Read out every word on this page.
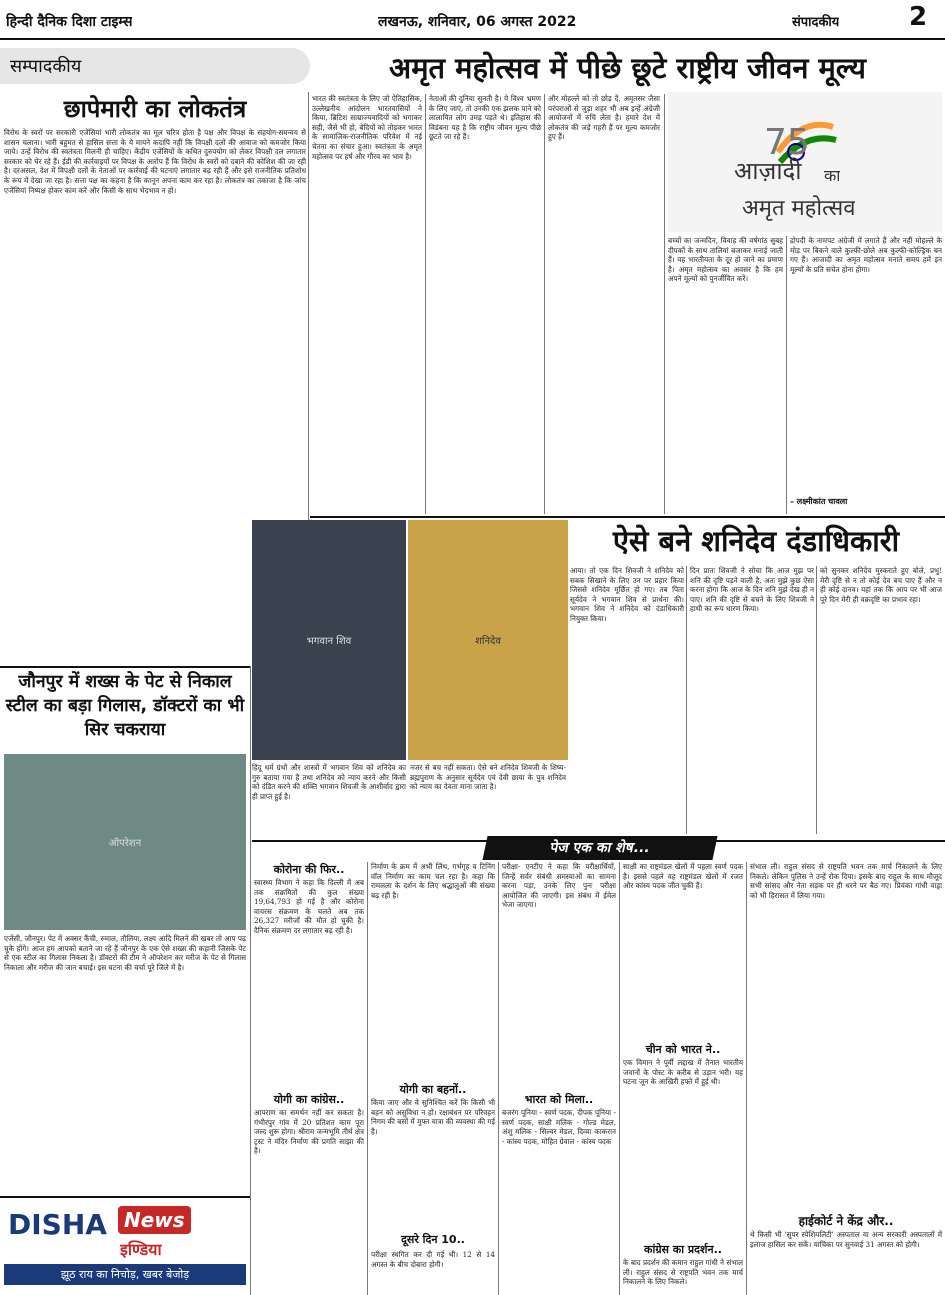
हिन्दी दैनिक दिशा टाइम्स	लखनऊ, शनिवार, 06 अगस्त 2022	संपादकीय	2
सम्पादकीय	अमृत महोत्सव में पीछे छूटे राष्ट्रीय जीवन मूल्य
छापेमारी का लोकतंत्र
विरोध के स्वरों पर सरकारी एजेंसियां भारी लोकतंत्र का मूल चरित्र होता है पक्ष और विपक्ष के सहयोग-समन्वय से शासन चलाना। भारी बहुमत से हासिल सत्ता के ये मायने कदापि नहीं कि विपक्षी दलों की आवाज को कमजोर किया जाये। उन्हें विरोध की स्वतंत्रता मिलनी ही चाहिए। केंद्रीय एजेंसियों के कथित दुरुपयोग को लेकर विपक्षी दल लगातार सरकार को घेर रहे हैं। ईडी की कार्रवाइयों पर विपक्ष के आरोप हैं कि विरोध के स्वरों को दबाने की कोशिश की जा रही है। दरअसल, देश में विपक्षी दलों के नेताओं पर कार्रवाई की घटनाएं लगातार बढ़ रही हैं और इसे राजनीतिक प्रतिशोध के रूप में देखा जा रहा है। सत्ता पक्ष का कहना है कि कानून अपना काम कर रहा है। लोकतंत्र का तकाजा है कि जांच एजेंसियां निष्पक्ष होकर काम करें और किसी के साथ भेदभाव न हो।
भारत की स्वतंत्रता के लिए जो ऐतिहासिक, उल्लेखनीय आंदोलन भारतवासियों ने किया, ब्रिटिश साम्राज्यवादियों को भगाकर सही, जैसे भी हो, बेदियों को तोड़कर भारत के सामाजिक-राजनीतिक परिवेश में नई चेतना का संचार हुआ। स्वतंत्रता के अमृत महोत्सव पर हर्ष और गौरव का भाव है।
नेताओं की दुनिया सुनती है। ये विश्व भ्रमण के लिए जाएं, तो उनकी एक झलक पाने को लालायित लोग उमड़ पड़ते थे। इतिहास की विडंबना यह है कि राष्ट्रीय जीवन मूल्य पीछे छूटते जा रहे हैं।
और मोहल्ले को तो छोड़ दें, अमृतसर जैसा परंपराओं से जुड़ा शहर भी अब इन्हें अंग्रेजी आयोजनों में रुचि लेता है। हमारे देश में लोकतंत्र की जड़ें गहरी हैं पर मूल्य कमजोर हुए हैं।
बच्चों का जन्मदिन, विवाह की वर्षगांठ सुबह दीपकों के साथ तालियां बजाकर मनाई जाती हैं। यह भारतीयता के दूर हो जाने का प्रमाण है। अमृत महोत्सव का अवसर है कि हम अपने मूल्यों को पुनर्जीवित करें।
द्रोपदी के नामपट अंग्रेजी में लगाते हैं और नहीं मोहल्ले के मोड़ पर बिकने वाले कुल्फी-छोले अब कुल्फी-कोल्ड्रिंक बन गए हैं। आजादी का अमृत महोत्सव मनाते समय हमें इन मूल्यों के प्रति सचेत होना होगा।
– लक्ष्मीकांत चावला
75
आज़ादी का
अमृत महोत्सव
भगवान शिव	शनिदेव
ऐसे बने शनिदेव दंडाधिकारी
आया। तो एक दिन शिवजी ने शनिदेव को सबक सिखाने के लिए उन पर प्रहार किया जिससे शनिदेव मूर्छित हो गए। तब पिता सूर्यदेव ने भगवान शिव से प्रार्थना की। भगवान शिव ने शनिदेव को दंडाधिकारी नियुक्त किया।
दिन प्रातः शिवजी ने सोचा कि आज मुझ पर शनि की दृष्टि पड़ने वाली है, अतः मुझे कुछ ऐसा करना होगा कि आज के दिन शनि मुझे देख ही न पाए। शनि की दृष्टि से बचने के लिए शिवजी ने हाथी का रूप धारण किया।
को सुनकर शनिदेव मुस्कराते हुए बोले, प्रभु! मेरी दृष्टि से न तो कोई देव बच पाए हैं और न ही कोई दानव। यहां तक कि आप पर भी आज पूरे दिन मेरी ही वक्रदृष्टि का प्रभाव रहा।
हिंदू धर्म ग्रंथों और शास्त्रों में भगवान शिव को शनिदेव का गुरु बताया गया है तथा शनिदेव को न्याय करने और किसी को दंडित करने की शक्ति भगवान शिवजी के आशीर्वाद द्वारा ही प्राप्त हुई है।
नजर से बच नहीं सकता। ऐसे बने शनिदेव शिवजी के शिष्य- ब्रह्मपुराण के अनुसार सूर्यदेव एवं देवी छाया के पुत्र शनिदेव को न्याय का देवता माना जाता है।
जौनपुर में शख्स के पेट से निकाल स्टील का बड़ा गिलास, डॉक्टरों का भी सिर चकराया
ऑपरेशन
एजेंसी, जौनपुर। पेट में अक्सर कैंची, रुमाल, तौलिया, लक्ष्य आदि मिलने की खबर तो आप पढ़ चुके होंगे। आज हम आपको बताने जा रहे हैं जौनपुर के एक ऐसे शख्स की कहानी जिसके पेट से एक स्टील का गिलास निकला है। डॉक्टरों की टीम ने ऑपरेशन कर मरीज के पेट से गिलास निकाला और मरीज की जान बचाई। इस घटना की चर्चा पूरे जिले में है।
DISHA News
इण्डिया
झूठ राय का निचोड़, खबर बेजोड़
पेज एक का शेष...
कोरोना की फिर..
स्वास्थ्य विभाग ने कहा कि दिल्ली में अब तक संक्रमितों की कुल संख्या 19,64,793 हो गई है और कोरोना वायरस संक्रमण के चलते अब तक 26,327 मरीजों की मौत हो चुकी है। दैनिक संक्रमण दर लगातार बढ़ रही है।
योगी का कांग्रेस..
आपराण का समर्थन नहीं कर सकता है। गंभीरपुर गांव में 20 प्रतिशत काम पूरा जल्द शुरू होगा। श्रीराम जन्मभूमि तीर्थ क्षेत्र ट्रस्ट ने मंदिर निर्माण की प्रगति साझा की है।
निर्माण के क्रम में अभी लिंथ, गर्भगृह व टिनिंग वॉल निर्माण का काम चल रहा है। कहा कि रामलला के दर्शन के लिए श्रद्धालुओं की संख्या बढ़ रही है।
योगी का बहनों..
किया जाए और वे सुनिश्चित करें कि किसी भी बहन को असुविधा न हो। रक्षाबंधन पर परिवहन निगम की बसों में मुफ्त यात्रा की व्यवस्था की गई है।
दूसरे दिन 10..
परीक्षा स्थगित कर दी गई थी। 12 से 14 अगस्त के बीच दोबारा होगी।
परीक्षा- एनटीए ने कहा कि परीक्षार्थियों, जिन्हें सर्वर संबंधी समस्याओं का सामना करना पड़ा, उनके लिए पुनः परीक्षा आयोजित की जाएगी। इस संबंध में ईमेल भेजा जाएगा।
भारत को मिला..
बजरंग पूनिया - स्वर्ण पदक, दीपक पूनिया - स्वर्ण पदक, साक्षी मलिक - गोल्ड मेडल, अंशु मलिक - सिल्वर मेडल, दिव्या काकरान - कांस्य पदक, मोहित ग्रेवाल - कांस्य पदक
साक्षी का राष्ट्रमंडल खेलों में पहला स्वर्ण पदक है। इससे पहले वह राष्ट्रमंडल खेलों में रजत और कांस्य पदक जीत चुकी हैं।
चीन को भारत ने..
एक विमान ने पूर्वी लद्दाख में तैनात भारतीय जवानों के पोस्ट के करीब से उड़ान भरी। यह घटना जून के आखिरी हफ्ते में हुई थी।
कांग्रेस का प्रदर्शन..
के बाद प्रदर्शन की कमान राहुल गांधी ने संभाल ली। राहुल संसद से राष्ट्रपति भवन तक मार्च निकालने के लिए निकले।
संभाल ली। राहुल संसद से राष्ट्रपति भवन तक मार्च निकालने के लिए निकले। लेकिन पुलिस ने उन्हें रोक दिया। इसके बाद राहुल के साथ मौजूद सभी सांसद और नेता सड़क पर ही धरने पर बैठ गए। प्रियंका गांधी वाड्रा को भी हिरासत में लिया गया।
हाईकोर्ट ने केंद्र और..
थे किसी भी 'सुपर स्पेशियलिटी' अस्पताल या अन्य सरकारी अस्पतालों में इलाज हासिल कर सकें। याचिका पर सुनवाई 31 अगस्त को होगी।
